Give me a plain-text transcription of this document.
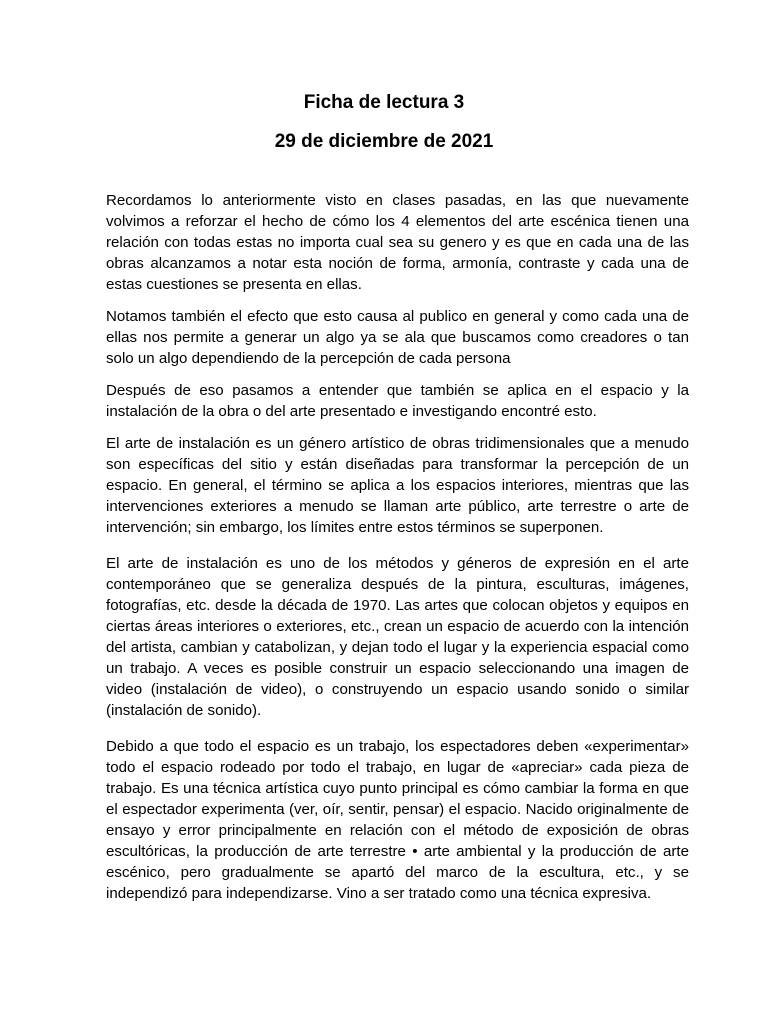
Ficha de lectura 3
29 de diciembre de 2021

Recordamos lo anteriormente visto en clases pasadas, en las que nuevamente volvimos a reforzar el hecho de cómo los 4 elementos del arte escénica tienen una relación con todas estas no importa cual sea su genero y es que en cada una de las obras alcanzamos a notar esta noción de forma, armonía, contraste y cada una de estas cuestiones se presenta en ellas.

Notamos también el efecto que esto causa al publico en general y como cada una de ellas nos permite a generar un algo ya se ala que buscamos como creadores o tan solo un algo dependiendo de la percepción de cada persona

Después de eso pasamos a entender que también se aplica en el espacio y la instalación de la obra o del arte presentado e investigando encontré esto.

El arte de instalación es un género artístico de obras tridimensionales que a menudo son específicas del sitio y están diseñadas para transformar la percepción de un espacio. En general, el término se aplica a los espacios interiores, mientras que las intervenciones exteriores a menudo se llaman arte público, arte terrestre o arte de intervención; sin embargo, los límites entre estos términos se superponen.

El arte de instalación es uno de los métodos y géneros de expresión en el arte contemporáneo que se generaliza después de la pintura, esculturas, imágenes, fotografías, etc. desde la década de 1970. Las artes que colocan objetos y equipos en ciertas áreas interiores o exteriores, etc., crean un espacio de acuerdo con la intención del artista, cambian y catabolizan, y dejan todo el lugar y la experiencia espacial como un trabajo. A veces es posible construir un espacio seleccionando una imagen de video (instalación de video), o construyendo un espacio usando sonido o similar (instalación de sonido).

Debido a que todo el espacio es un trabajo, los espectadores deben «experimentar» todo el espacio rodeado por todo el trabajo, en lugar de «apreciar» cada pieza de trabajo. Es una técnica artística cuyo punto principal es cómo cambiar la forma en que el espectador experimenta (ver, oír, sentir, pensar) el espacio. Nacido originalmente de ensayo y error principalmente en relación con el método de exposición de obras escultóricas, la producción de arte terrestre • arte ambiental y la producción de arte escénico, pero gradualmente se apartó del marco de la escultura, etc., y se independizó para independizarse. Vino a ser tratado como una técnica expresiva.
